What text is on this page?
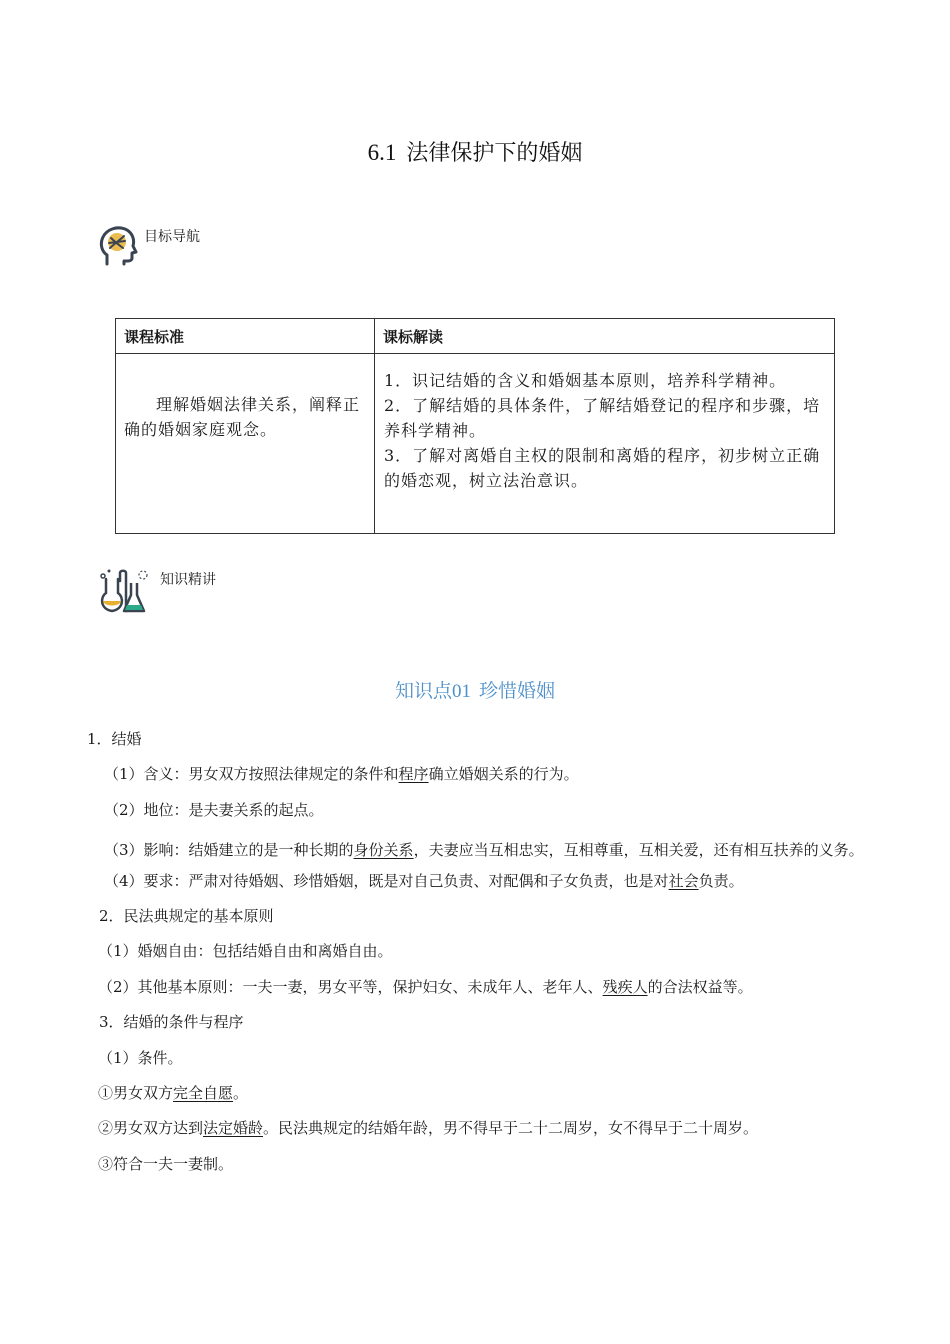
6.1 法律保护下的婚姻
目标导航
课程标准	课标解读
理解婚姻法律关系，阐释正确的婚姻家庭观念。	1．识记结婚的含义和婚姻基本原则，培养科学精神。
2．了解结婚的具体条件，了解结婚登记的程序和步骤，培养科学精神。
3．了解对离婚自主权的限制和离婚的程序，初步树立正确的婚恋观，树立法治意识。
知识精讲
知识点01 珍惜婚姻
1．结婚
（1）含义：男女双方按照法律规定的条件和程序确立婚姻关系的行为。
（2）地位：是夫妻关系的起点。
（3）影响：结婚建立的是一种长期的身份关系，夫妻应当互相忠实，互相尊重，互相关爱，还有相互扶养的义务。
（4）要求：严肃对待婚姻、珍惜婚姻，既是对自己负责、对配偶和子女负责，也是对社会负责。
2．民法典规定的基本原则
（1）婚姻自由：包括结婚自由和离婚自由。
（2）其他基本原则：一夫一妻，男女平等，保护妇女、未成年人、老年人、残疾人的合法权益等。
3．结婚的条件与程序
（1）条件。
①男女双方完全自愿。
②男女双方达到法定婚龄。民法典规定的结婚年龄，男不得早于二十二周岁，女不得早于二十周岁。
③符合一夫一妻制。
